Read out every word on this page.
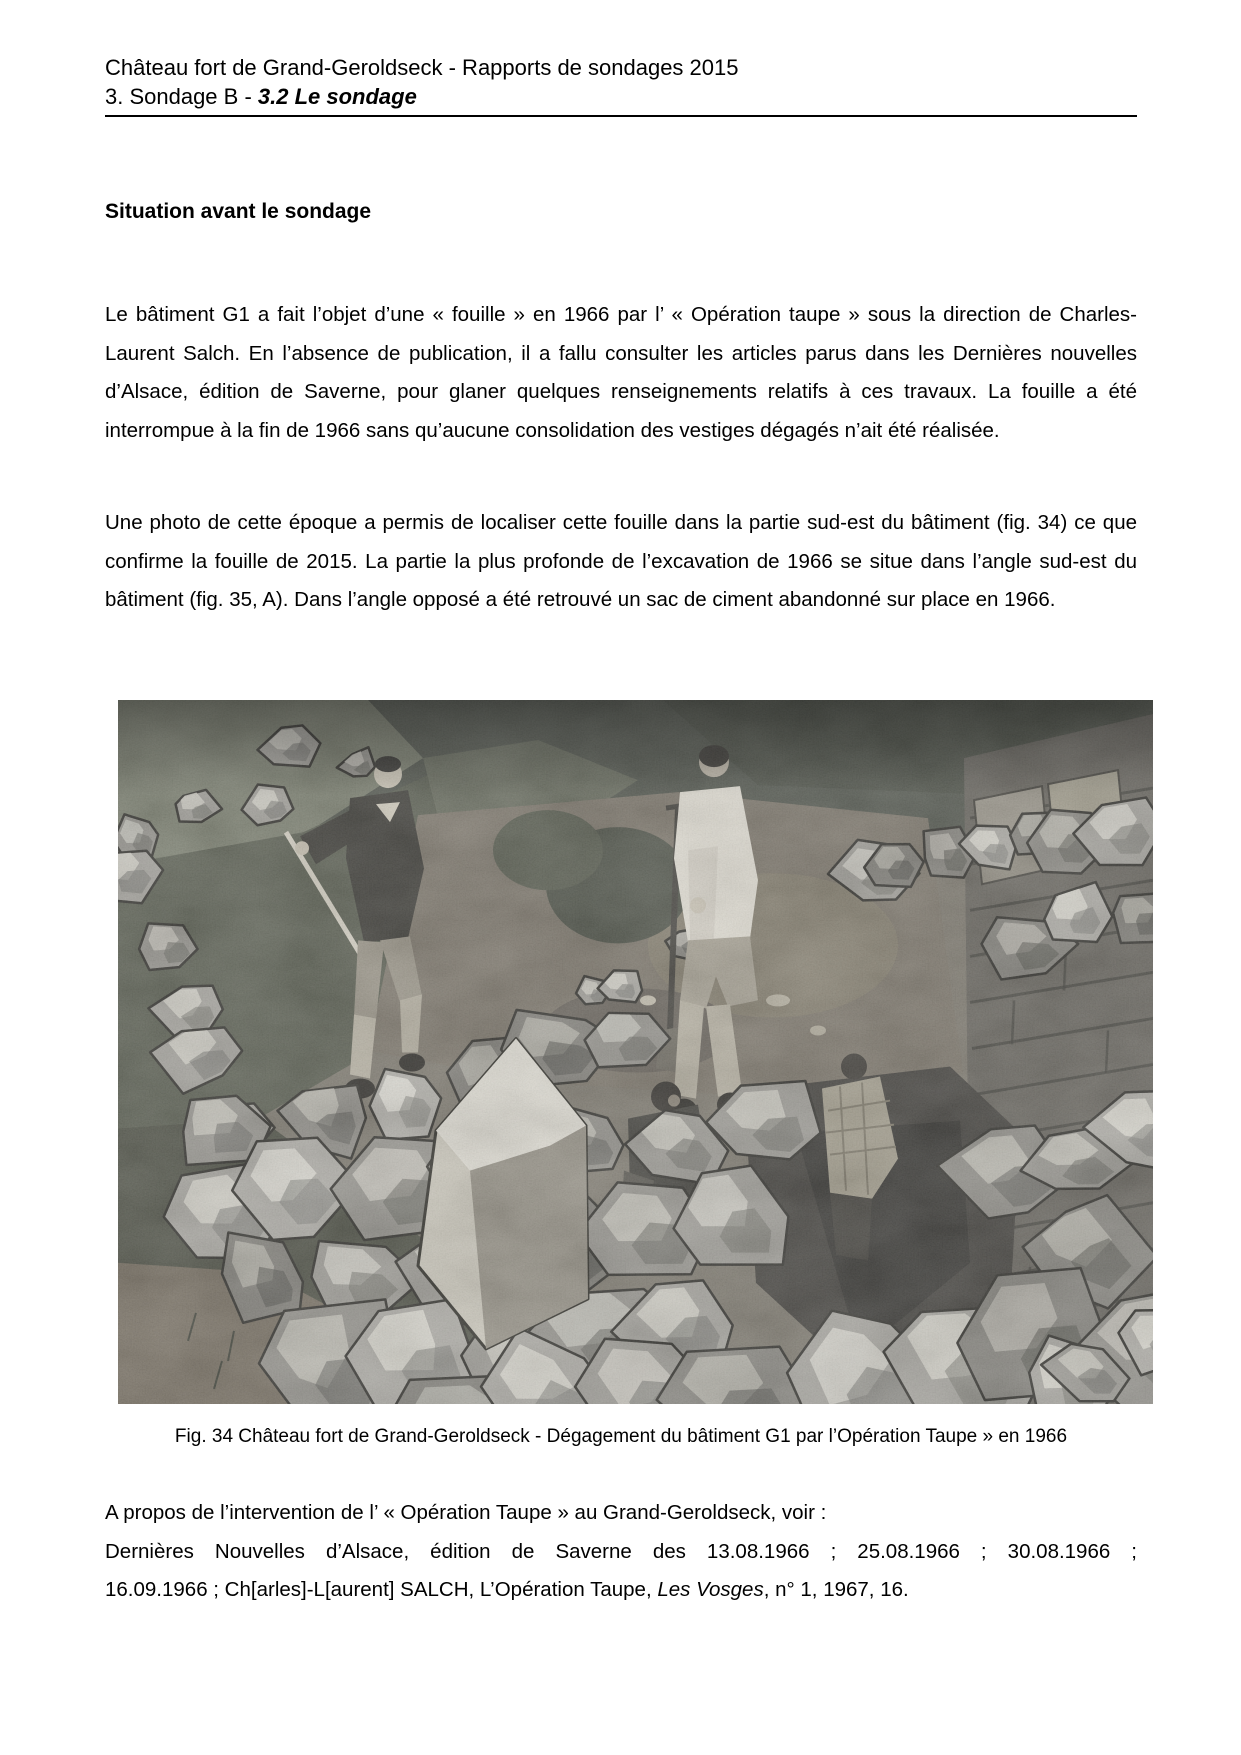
Château fort de Grand-Geroldseck - Rapports de sondages 2015
3. Sondage B - 3.2 Le sondage
Situation avant le sondage

Le bâtiment G1 a fait l’objet d’une « fouille » en 1966 par l’ « Opération taupe » sous la direction de Charles-Laurent Salch. En l’absence de publication, il a fallu consulter les articles parus dans les Dernières nouvelles d’Alsace, édition de Saverne, pour glaner quelques renseignements relatifs à ces travaux. La fouille a été interrompue à la fin de 1966 sans qu’aucune consolidation des vestiges dégagés n’ait été réalisée.

Une photo de cette époque a permis de localiser cette fouille dans la partie sud-est du bâtiment (fig. 34) ce que confirme la fouille de 2015. La partie la plus profonde de l’excavation de 1966 se situe dans l’angle sud-est du bâtiment (fig. 35, A). Dans l’angle opposé a été retrouvé un sac de ciment abandonné sur place en 1966.

Fig. 34 Château fort de Grand-Geroldseck - Dégagement du bâtiment G1 par l’Opération Taupe » en 1966
A propos de l’intervention de l’ « Opération Taupe » au Grand-Geroldseck, voir :
Dernières Nouvelles d’Alsace, édition de Saverne des 13.08.1966 ; 25.08.1966 ; 30.08.1966 ;
16.09.1966 ; Ch[arles]-L[aurent] SALCH, L’Opération Taupe, Les Vosges, n° 1, 1967, 16.
